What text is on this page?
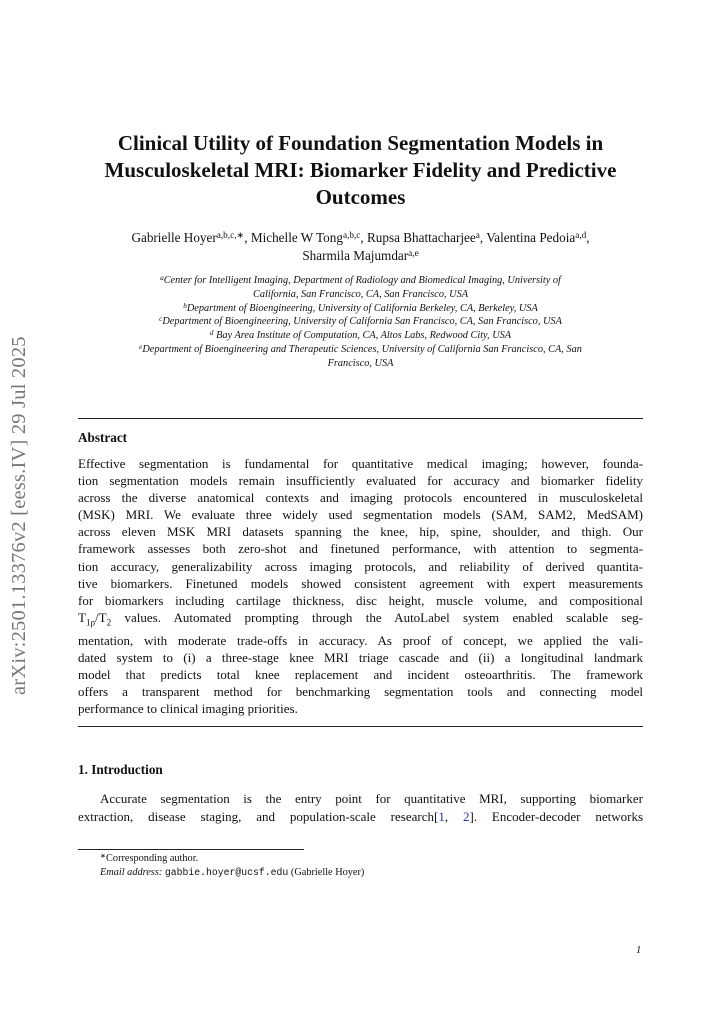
arXiv:2501.13376v2 [eess.IV] 29 Jul 2025
Clinical Utility of Foundation Segmentation Models in
Musculoskeletal MRI: Biomarker Fidelity and Predictive
Outcomes
Gabrielle Hoyer$^{a,b,c,∗}$, Michelle W Tong$^{a,b,c}$, Rupsa Bhattacharjee$^a$, Valentina Pedoia$^{a,d}$,
Sharmila Majumdar$^{a,e}$
$^a$Center for Intelligent Imaging, Department of Radiology and Biomedical Imaging, University of
California, San Francisco, CA, San Francisco, USA
$^b$Department of Bioengineering, University of California Berkeley, CA, Berkeley, USA
$^c$Department of Bioengineering, University of California San Francisco, CA, San Francisco, USA
$^d$ Bay Area Institute of Computation, CA, Altos Labs, Redwood City, USA
$^e$Department of Bioengineering and Therapeutic Sciences, University of California San Francisco, CA, San
Francisco, USA
Abstract
Effective segmentation is fundamental for quantitative medical imaging; however, founda-
tion segmentation models remain insufficiently evaluated for accuracy and biomarker fidelity
across the diverse anatomical contexts and imaging protocols encountered in musculoskeletal
(MSK) MRI. We evaluate three widely used segmentation models (SAM, SAM2, MedSAM)
across eleven MSK MRI datasets spanning the knee, hip, spine, shoulder, and thigh. Our
framework assesses both zero-shot and finetuned performance, with attention to segmenta-
tion accuracy, generalizability across imaging protocols, and reliability of derived quantita-
tive biomarkers. Finetuned models showed consistent agreement with expert measurements
for biomarkers including cartilage thickness, disc height, muscle volume, and compositional
$T_{1\rho}/T_2$ values. Automated prompting through the AutoLabel system enabled scalable seg-
mentation, with moderate trade-offs in accuracy. As proof of concept, we applied the vali-
dated system to (i) a three-stage knee MRI triage cascade and (ii) a longitudinal landmark
model that predicts total knee replacement and incident osteoarthritis. The framework
offers a transparent method for benchmarking segmentation tools and connecting model
performance to clinical imaging priorities.
1. Introduction
Accurate segmentation is the entry point for quantitative MRI, supporting biomarker
extraction, disease staging, and population-scale research[1, 2]. Encoder-decoder networks
∗Corresponding author.
Email address: gabbie.hoyer@ucsf.edu (Gabrielle Hoyer)
1
